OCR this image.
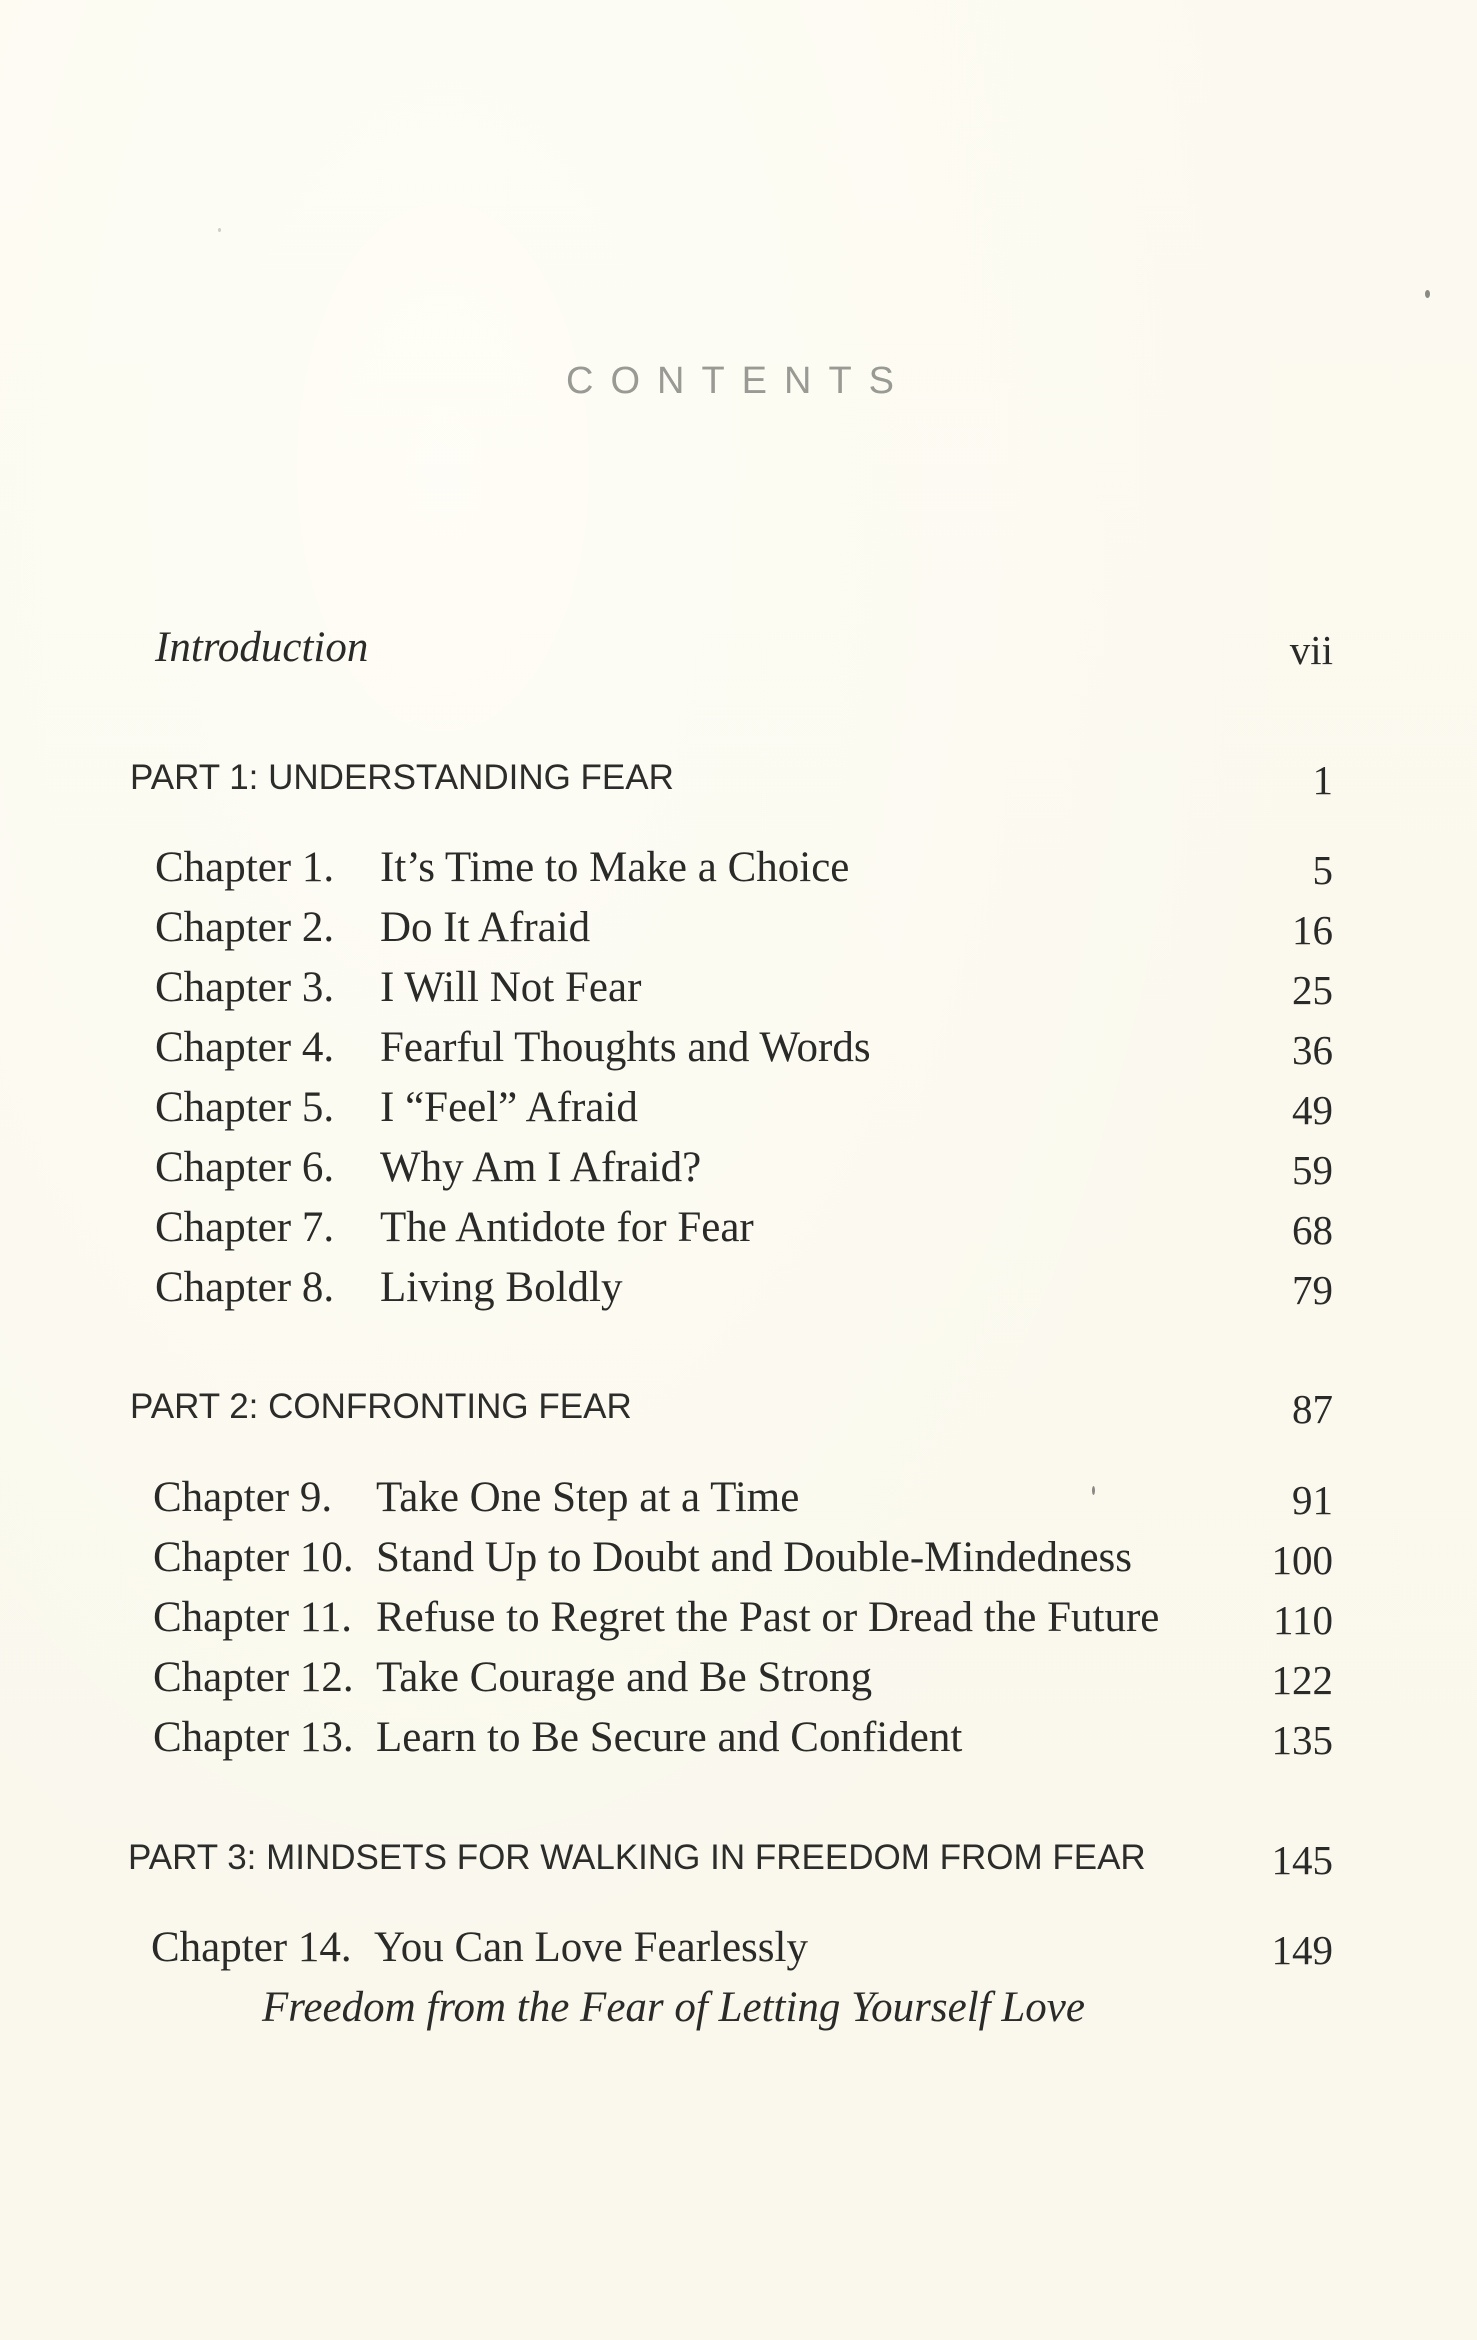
CONTENTS
Introduction	vii
PART 1: UNDERSTANDING FEAR	1
Chapter 1. It’s Time to Make a Choice	5
Chapter 2. Do It Afraid	16
Chapter 3. I Will Not Fear	25
Chapter 4. Fearful Thoughts and Words	36
Chapter 5. I “Feel” Afraid	49
Chapter 6. Why Am I Afraid?	59
Chapter 7. The Antidote for Fear	68
Chapter 8. Living Boldly	79
PART 2: CONFRONTING FEAR	87
Chapter 9. Take One Step at a Time	91
Chapter 10. Stand Up to Doubt and Double-Mindedness	100
Chapter 11. Refuse to Regret the Past or Dread the Future	110
Chapter 12. Take Courage and Be Strong	122
Chapter 13. Learn to Be Secure and Confident	135
PART 3: MINDSETS FOR WALKING IN FREEDOM FROM FEAR	145
Chapter 14. You Can Love Fearlessly	149
Freedom from the Fear of Letting Yourself Love
